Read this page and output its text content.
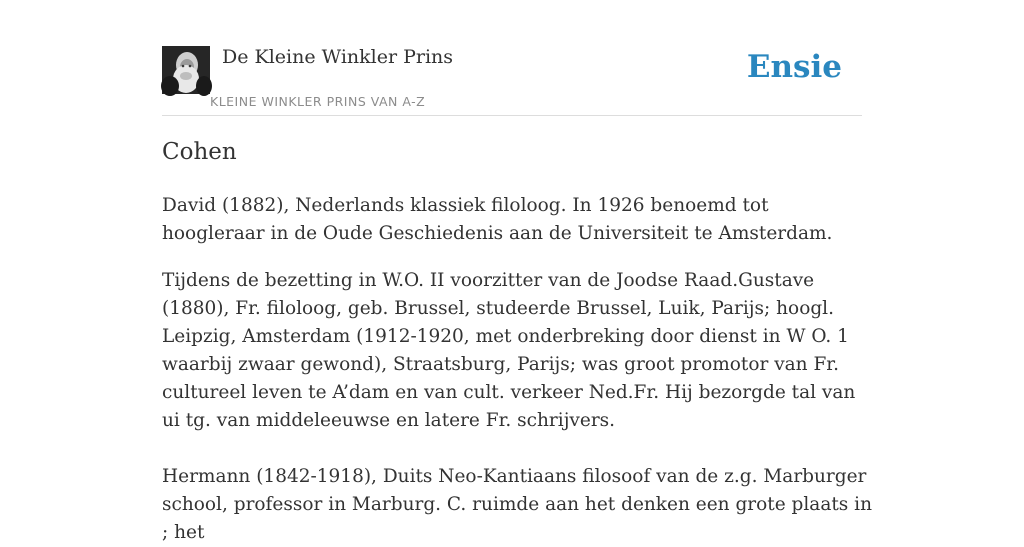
De Kleine Winkler Prins
KLEINE WINKLER PRINS VAN A-Z
Ensie
Cohen

David (1882), Nederlands klassiek filoloog. In 1926 benoemd tot hoogleraar in de Oude Geschiedenis aan de Universiteit te Amsterdam.

Tijdens de bezetting in W.O. II voorzitter van de Joodse Raad.Gustave (1880), Fr. filoloog, geb. Brussel, studeerde Brussel, Luik, Parijs; hoogl. Leipzig, Amsterdam (1912-1920, met onderbreking door dienst in W O. 1 waarbij zwaar gewond), Straatsburg, Parijs; was groot promotor van Fr. cultureel leven te A’dam en van cult. verkeer Ned.Fr. Hij bezorgde tal van ui tg. van middeleeuwse en latere Fr. schrijvers.

Hermann (1842-1918), Duits Neo-Kantiaans filosoof van de z.g. Marburger school, professor in Marburg. C. ruimde aan het denken een grote plaats in ; het
